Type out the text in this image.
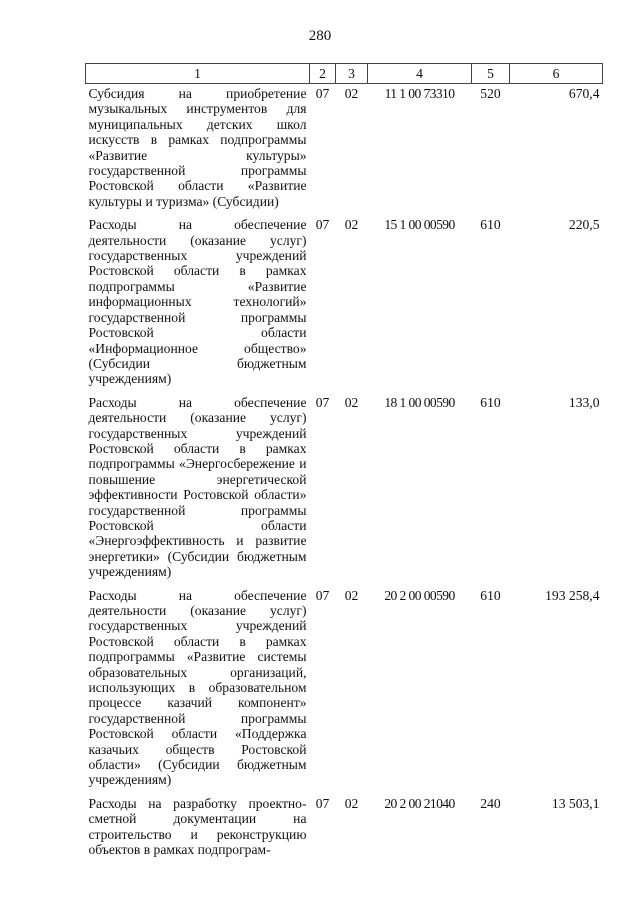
280
1	2	3	4	5	6
Субсидия на приобретение музыкальных инструментов для муниципальных детских школ искусств в рамках подпрограммы «Развитие культуры» государственной программы Ростовской области «Развитие культуры и туризма» (Субсидии)	07	02	11 1 00 73310	520	670,4
Расходы на обеспечение деятельности (оказание услуг) государственных учреждений Ростовской области в рамках подпрограммы «Развитие информационных технологий» государственной программы Ростовской области «Информационное общество» (Субсидии бюджетным учреждениям)	07	02	15 1 00 00590	610	220,5
Расходы на обеспечение деятельности (оказание услуг) государственных учреждений Ростовской области в рамках подпрограммы «Энергосбережение и повышение энергетической эффективности Ростовской области» государственной программы Ростовской области «Энергоэффективность и развитие энергетики» (Субсидии бюджетным учреждениям)	07	02	18 1 00 00590	610	133,0
Расходы на обеспечение деятельности (оказание услуг) государственных учреждений Ростовской области в рамках подпрограммы «Развитие системы образовательных организаций, использующих в образовательном процессе казачий компонент» государственной программы Ростовской области «Поддержка казачьих обществ Ростовской области» (Субсидии бюджетным учреждениям)	07	02	20 2 00 00590	610	193 258,4
Расходы на разработку проектно-сметной документации на строительство и реконструкцию объектов в рамках подпрограм-	07	02	20 2 00 21040	240	13 503,1
